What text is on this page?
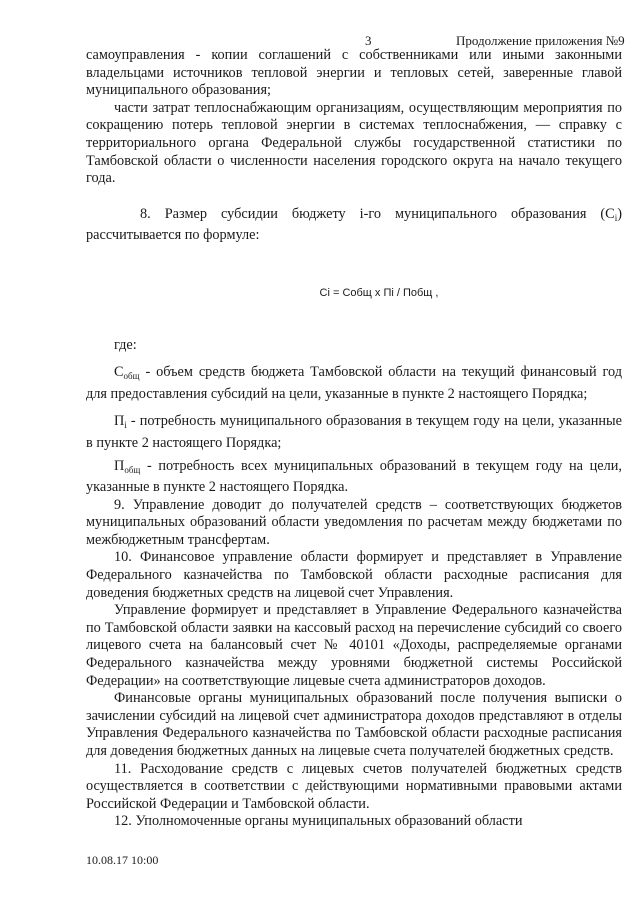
3	Продолжение приложения №9

самоуправления - копии соглашений с собственниками или иными законными владельцами источников тепловой энергии и тепловых сетей, заверенные главой муниципального образования;

части затрат теплоснабжающим организациям, осуществляющим мероприятия по сокращению потерь тепловой энергии в системах теплоснабжения, — справку с территориального органа Федеральной службы государственной статистики по Тамбовской области о численности населения городского округа на начало текущего года.

8. Размер субсидии бюджету i-го муниципального образования $(С_i)$ рассчитывается по формуле:

Ci = Собщ x Пi / Побщ ,

где:

$С_{общ}$ - объем средств бюджета Тамбовской области на текущий финансовый год для предоставления субсидий на цели, указанные в пункте 2 настоящего Порядка;

$П_i$ - потребность муниципального образования в текущем году на цели, указанные в пункте 2 настоящего Порядка;

$П_{общ}$ - потребность всех муниципальных образований в текущем году на цели, указанные в пункте 2 настоящего Порядка.

9. Управление доводит до получателей средств – соответствующих бюджетов муниципальных образований области уведомления по расчетам между бюджетами по межбюджетным трансфертам.

10. Финансовое управление области формирует и представляет в Управление Федерального казначейства по Тамбовской области расходные расписания для доведения бюджетных средств на лицевой счет Управления.

Управление формирует и представляет в Управление Федерального казначейства по Тамбовской области заявки на кассовый расход на перечисление субсидий со своего лицевого счета на балансовый счет № 40101 «Доходы, распределяемые органами Федерального казначейства между уровнями бюджетной системы Российской Федерации» на соответствующие лицевые счета администраторов доходов.

Финансовые органы муниципальных образований после получения выписки о зачислении субсидий на лицевой счет администратора доходов представляют в отделы Управления Федерального казначейства по Тамбовской области расходные расписания для доведения бюджетных данных на лицевые счета получателей бюджетных средств.

11. Расходование средств с лицевых счетов получателей бюджетных средств осуществляется в соответствии с действующими нормативными правовыми актами Российской Федерации и Тамбовской области.

12. Уполномоченные органы муниципальных образований области

10.08.17 10:00
